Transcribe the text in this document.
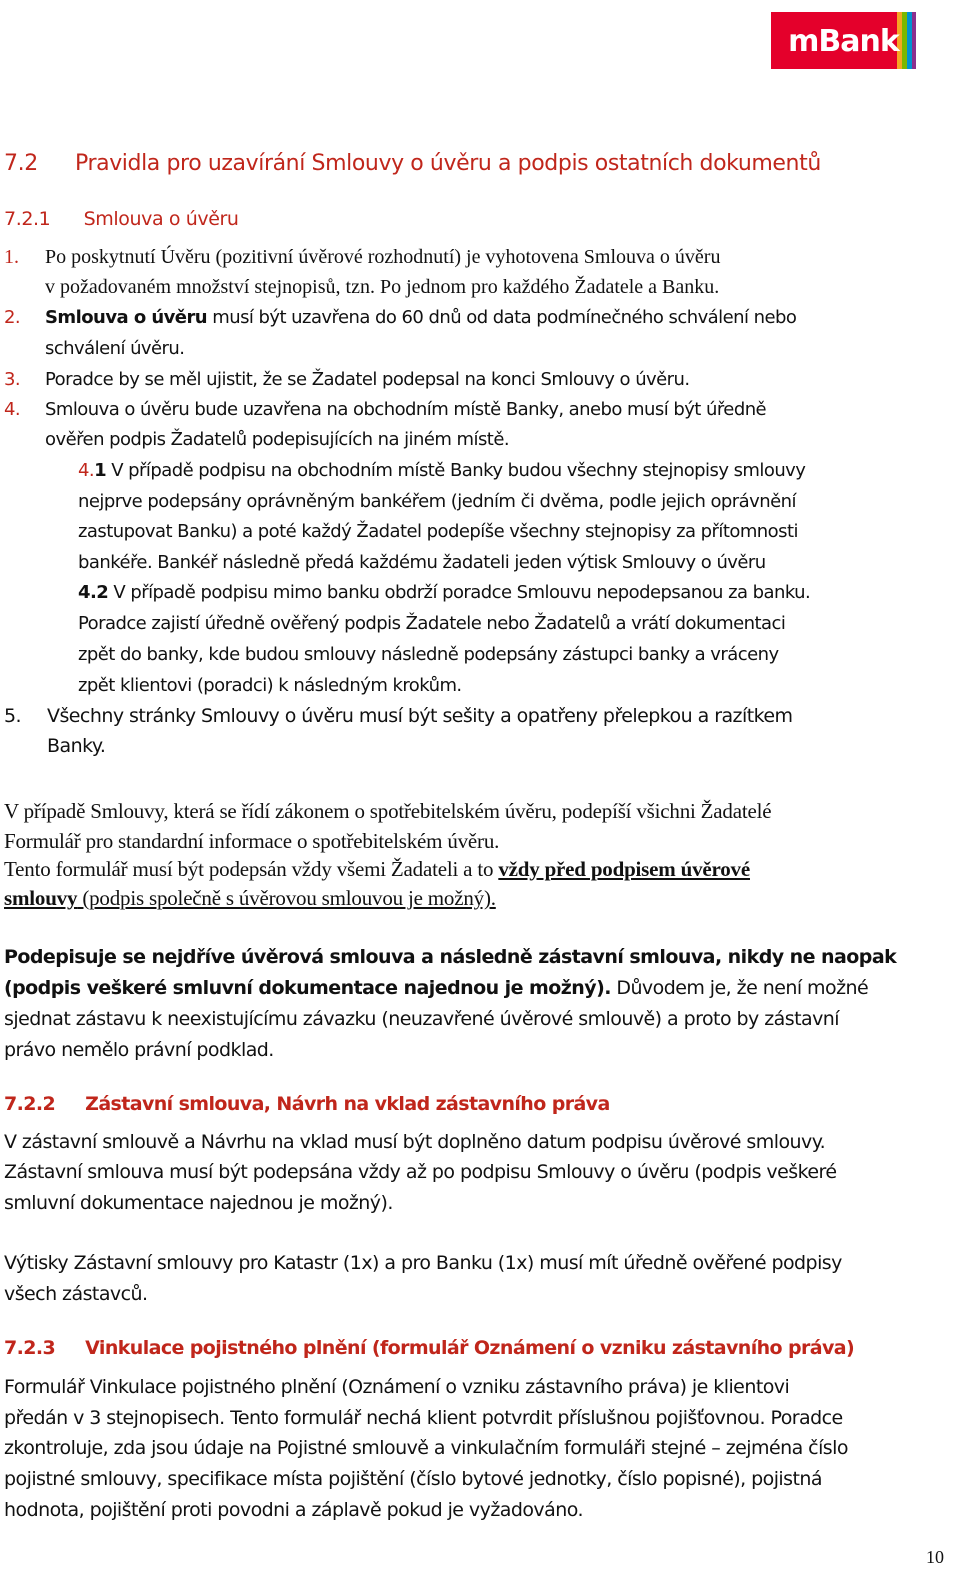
mBank
7.2 Pravidla pro uzavírání Smlouvy o úvěru a podpis ostatních dokumentů
7.2.1 Smlouva o úvěru
1. Po poskytnutí Úvěru (pozitivní úvěrové rozhodnutí) je vyhotovena Smlouva o úvěru
v požadovaném množství stejnopisů, tzn. Po jednom pro každého Žadatele a Banku.
2. Smlouva o úvěru musí být uzavřena do 60 dnů od data podmínečného schválení nebo
schválení úvěru.
3. Poradce by se měl ujistit, že se Žadatel podepsal na konci Smlouvy o úvěru.
4. Smlouva o úvěru bude uzavřena na obchodním místě Banky, anebo musí být úředně
ověřen podpis Žadatelů podepisujících na jiném místě.
4.1 V případě podpisu na obchodním místě Banky budou všechny stejnopisy smlouvy
nejprve podepsány oprávněným bankéřem (jedním či dvěma, podle jejich oprávnění
zastupovat Banku) a poté každý Žadatel podepíše všechny stejnopisy za přítomnosti
bankéře. Bankéř následně předá každému žadateli jeden výtisk Smlouvy o úvěru
4.2 V případě podpisu mimo banku obdrží poradce Smlouvu nepodepsanou za banku.
Poradce zajistí úředně ověřený podpis Žadatele nebo Žadatelů a vrátí dokumentaci
zpět do banky, kde budou smlouvy následně podepsány zástupci banky a vráceny
zpět klientovi (poradci) k následným krokům.
5. Všechny stránky Smlouvy o úvěru musí být sešity a opatřeny přelepkou a razítkem
Banky.
V případě Smlouvy, která se řídí zákonem o spotřebitelském úvěru, podepíší všichni Žadatelé
Formulář pro standardní informace o spotřebitelském úvěru.
Tento formulář musí být podepsán vždy všemi Žadateli a to vždy před podpisem úvěrové
smlouvy (podpis společně s úvěrovou smlouvou je možný).
Podepisuje se nejdříve úvěrová smlouva a následně zástavní smlouva, nikdy ne naopak
(podpis veškeré smluvní dokumentace najednou je možný). Důvodem je, že není možné
sjednat zástavu k neexistujícímu závazku (neuzavřené úvěrové smlouvě) a proto by zástavní
právo nemělo právní podklad.
7.2.2 Zástavní smlouva, Návrh na vklad zástavního práva
V zástavní smlouvě a Návrhu na vklad musí být doplněno datum podpisu úvěrové smlouvy.
Zástavní smlouva musí být podepsána vždy až po podpisu Smlouvy o úvěru (podpis veškeré
smluvní dokumentace najednou je možný).
Výtisky Zástavní smlouvy pro Katastr (1x) a pro Banku (1x) musí mít úředně ověřené podpisy
všech zástavců.
7.2.3 Vinkulace pojistného plnění (formulář Oznámení o vzniku zástavního práva)
Formulář Vinkulace pojistného plnění (Oznámení o vzniku zástavního práva) je klientovi
předán v 3 stejnopisech. Tento formulář nechá klient potvrdit příslušnou pojišťovnou. Poradce
zkontroluje, zda jsou údaje na Pojistné smlouvě a vinkulačním formuláři stejné – zejména číslo
pojistné smlouvy, specifikace místa pojištění (číslo bytové jednotky, číslo popisné), pojistná
hodnota, pojištění proti povodni a záplavě pokud je vyžadováno.
10
